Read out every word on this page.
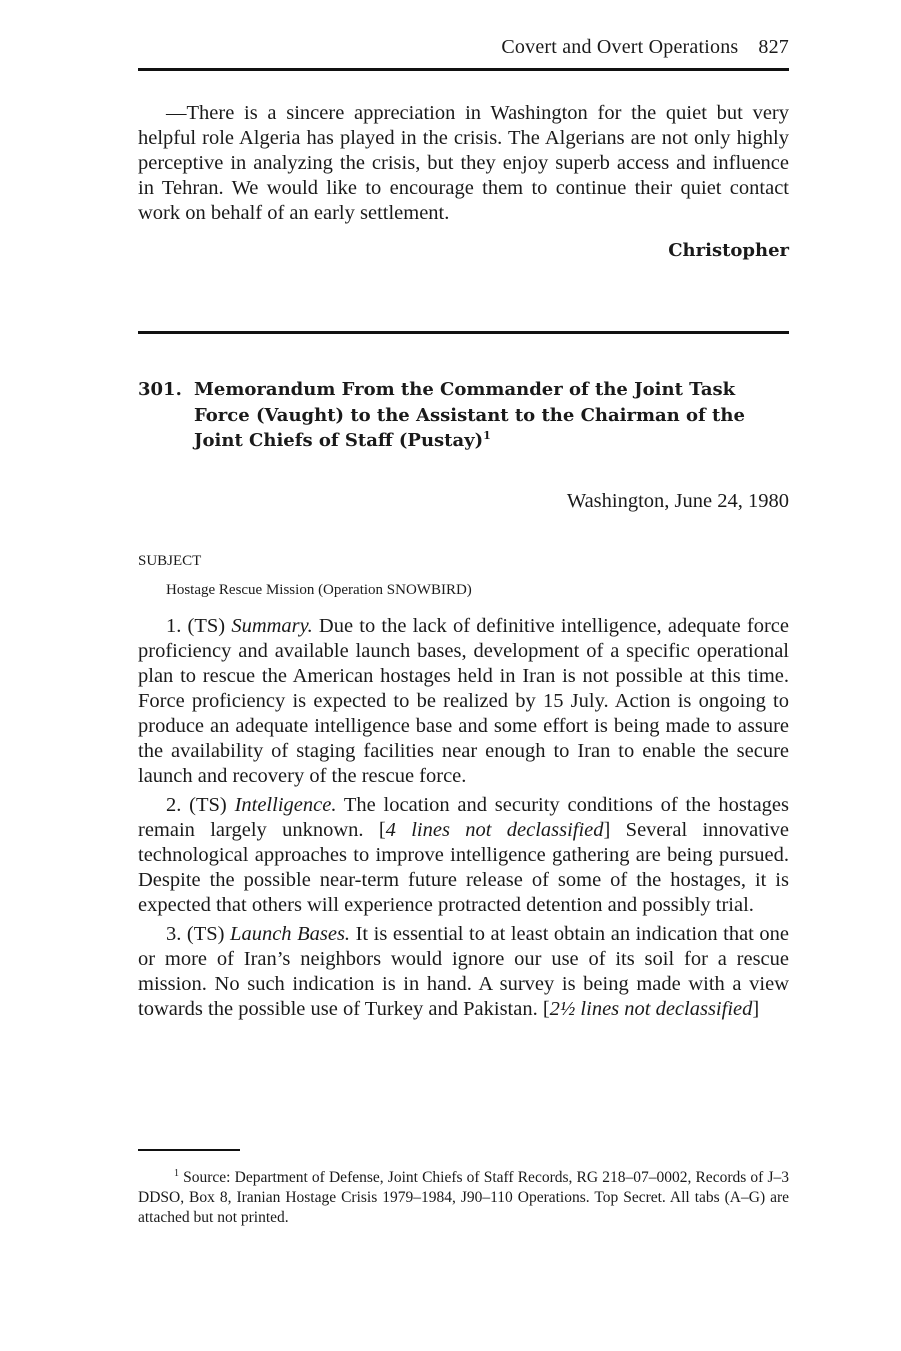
Covert and Overt Operations 827

—There is a sincere appreciation in Washington for the quiet but very helpful role Algeria has played in the crisis. The Algerians are not only highly perceptive in analyzing the crisis, but they enjoy superb access and influence in Tehran. We would like to encourage them to continue their quiet contact work on behalf of an early settlement.

Christopher
301. Memorandum From the Commander of the Joint Task Force (Vaught) to the Assistant to the Chairman of the Joint Chiefs of Staff (Pustay)$^1$
Washington, June 24, 1980
SUBJECT
Hostage Rescue Mission (Operation SNOWBIRD)

1. (TS) Summary. Due to the lack of definitive intelligence, adequate force proficiency and available launch bases, development of a specific operational plan to rescue the American hostages held in Iran is not possible at this time. Force proficiency is expected to be realized by 15 July. Action is ongoing to produce an adequate intelligence base and some effort is being made to assure the availability of staging facilities near enough to Iran to enable the secure launch and recovery of the rescue force.

2. (TS) Intelligence. The location and security conditions of the hostages remain largely unknown. [4 lines not declassified] Several innovative technological approaches to improve intelligence gathering are being pursued. Despite the possible near-term future release of some of the hostages, it is expected that others will experience protracted detention and possibly trial.

3. (TS) Launch Bases. It is essential to at least obtain an indication that one or more of Iran’s neighbors would ignore our use of its soil for a rescue mission. No such indication is in hand. A survey is being made with a view towards the possible use of Turkey and Pakistan. [2½ lines not declassified]

$^1$ Source: Department of Defense, Joint Chiefs of Staff Records, RG 218–07–0002, Records of J–3 DDSO, Box 8, Iranian Hostage Crisis 1979–1984, J90–110 Operations. Top Secret. All tabs (A–G) are attached but not printed.
